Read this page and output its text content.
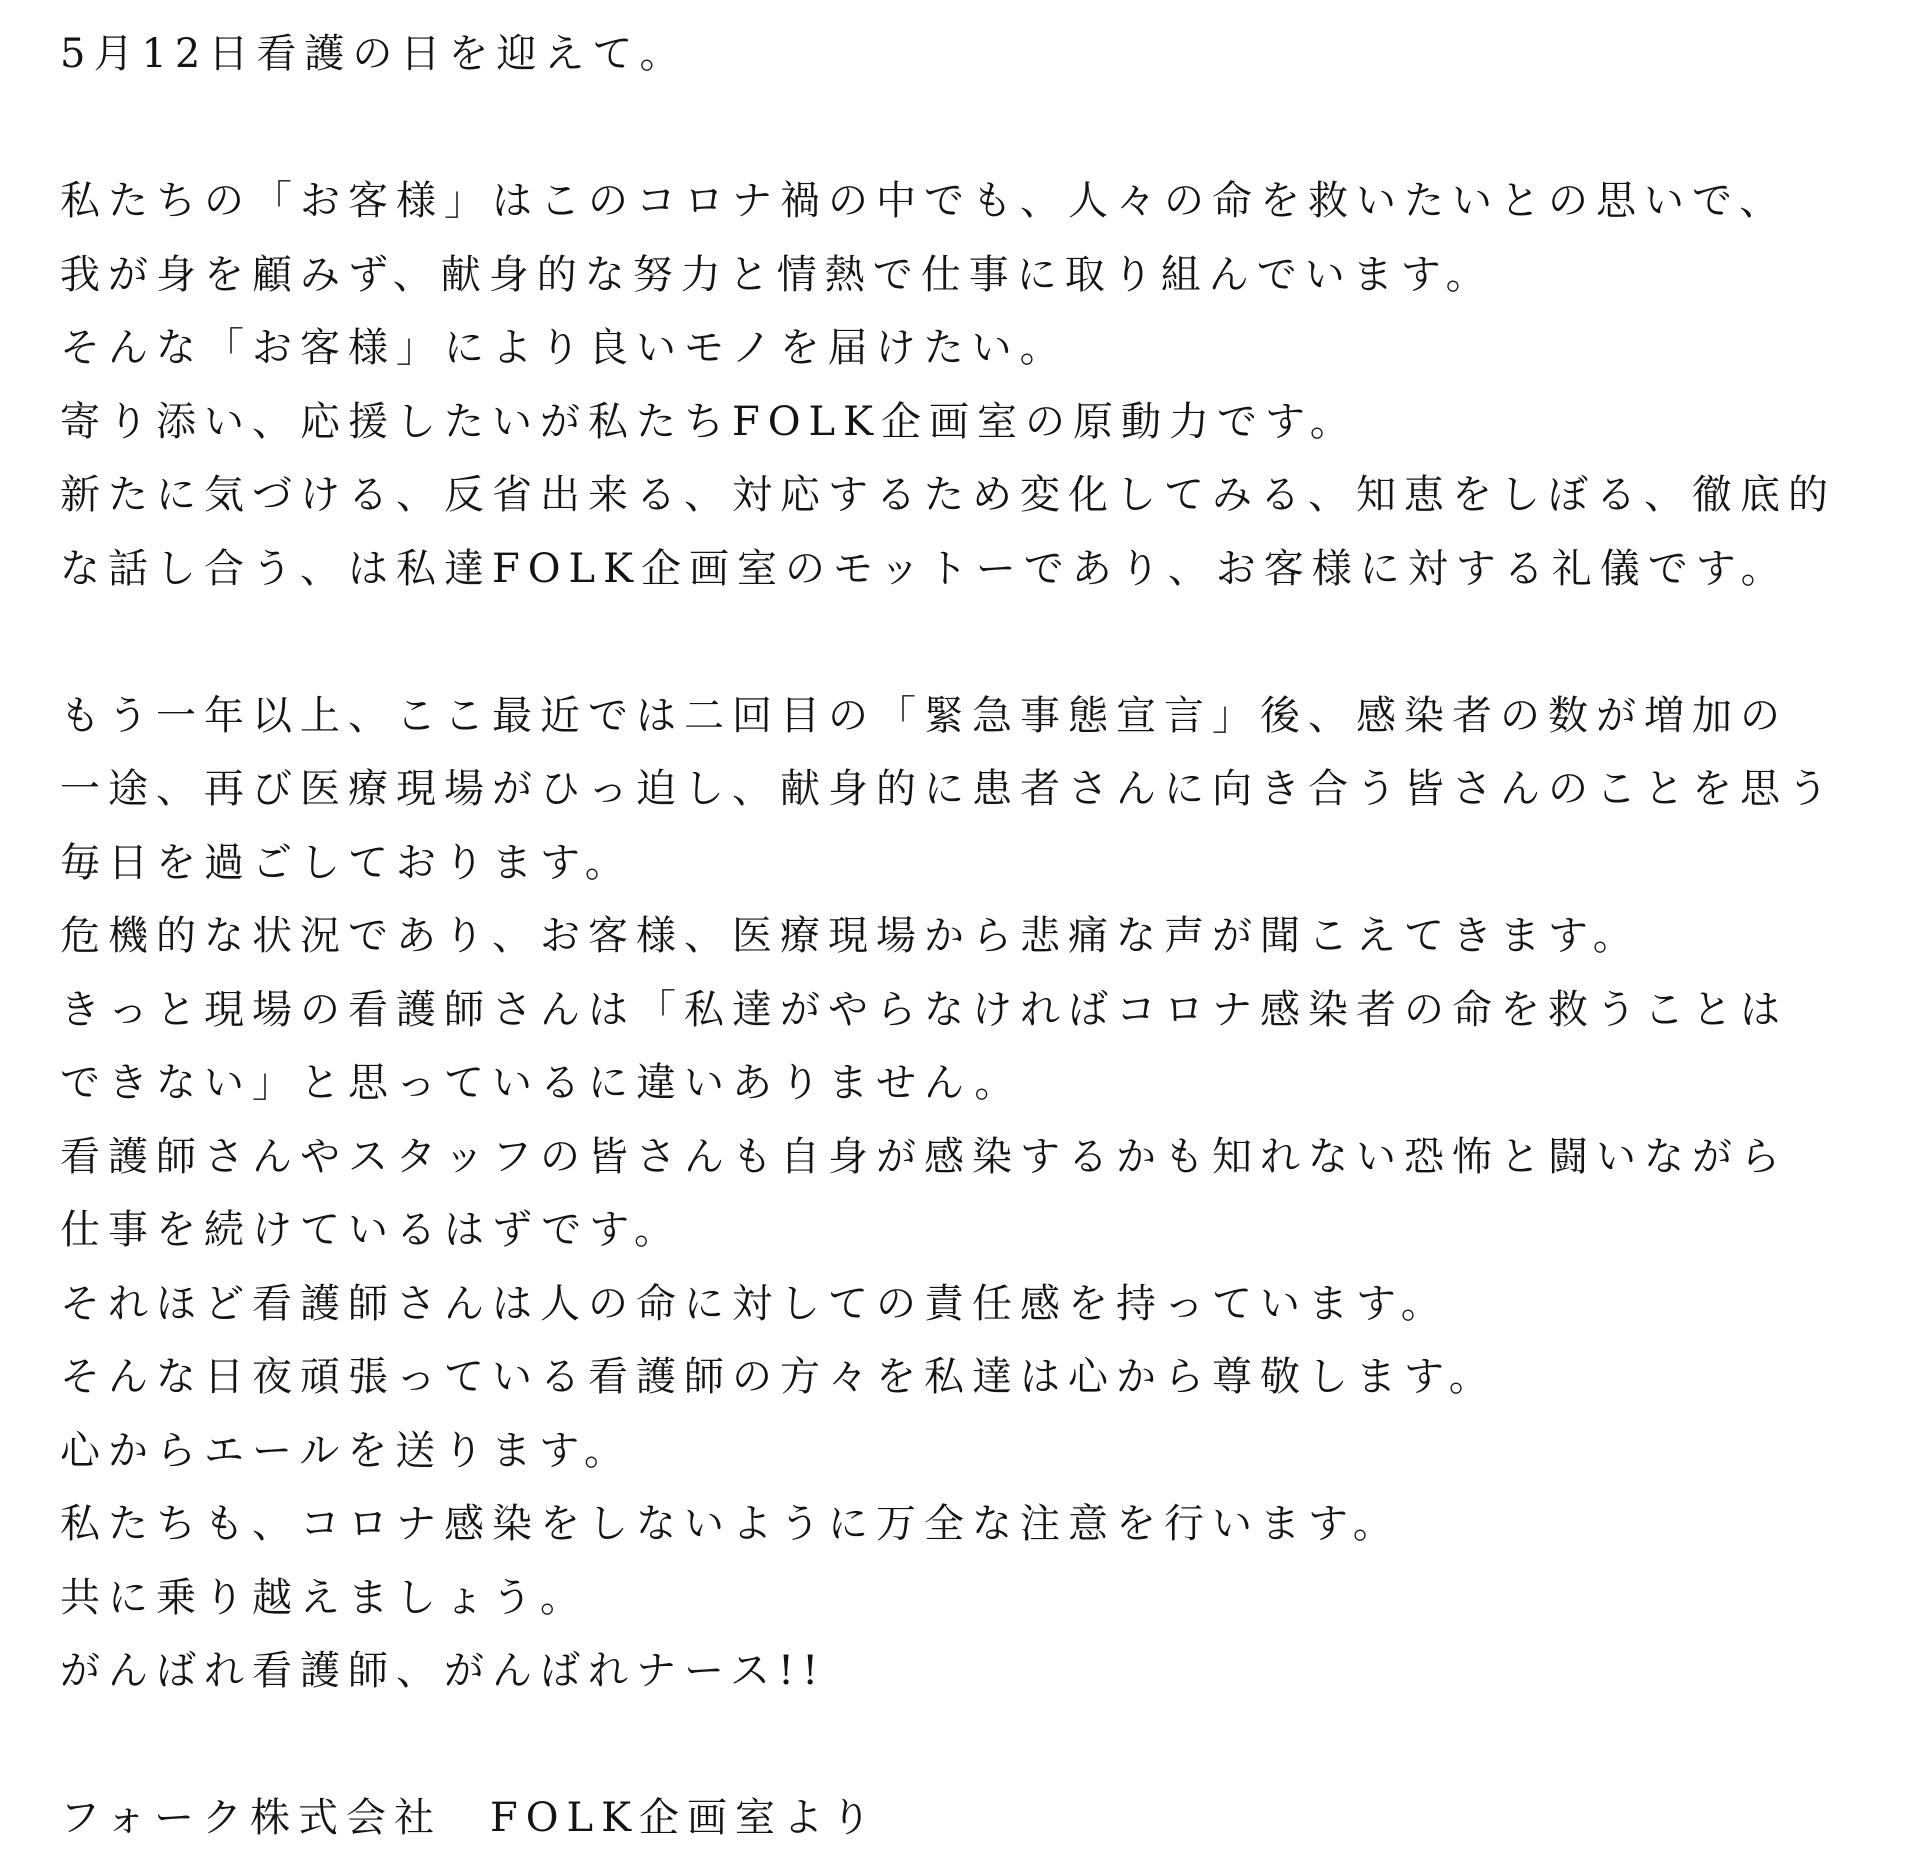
5月12日看護の日を迎えて。
私たちの「お客様」はこのコロナ禍の中でも、人々の命を救いたいとの思いで、
我が身を顧みず、献身的な努力と情熱で仕事に取り組んでいます。
そんな「お客様」により良いモノを届けたい。
寄り添い、応援したいが私たちFOLK企画室の原動力です。
新たに気づける、反省出来る、対応するため変化してみる、知恵をしぼる、徹底的
な話し合う、は私達FOLK企画室のモットーであり、お客様に対する礼儀です。
もう一年以上、ここ最近では二回目の「緊急事態宣言」後、感染者の数が増加の
一途、再び医療現場がひっ迫し、献身的に患者さんに向き合う皆さんのことを思う
毎日を過ごしております。
危機的な状況であり、お客様、医療現場から悲痛な声が聞こえてきます。
きっと現場の看護師さんは「私達がやらなければコロナ感染者の命を救うことは
できない」と思っているに違いありません。
看護師さんやスタッフの皆さんも自身が感染するかも知れない恐怖と闘いながら
仕事を続けているはずです。
それほど看護師さんは人の命に対しての責任感を持っています。
そんな日夜頑張っている看護師の方々を私達は心から尊敬します。
心からエールを送ります。
私たちも、コロナ感染をしないように万全な注意を行います。
共に乗り越えましょう。
がんばれ看護師、がんばれナース!!
フォーク株式会社　FOLK企画室より
